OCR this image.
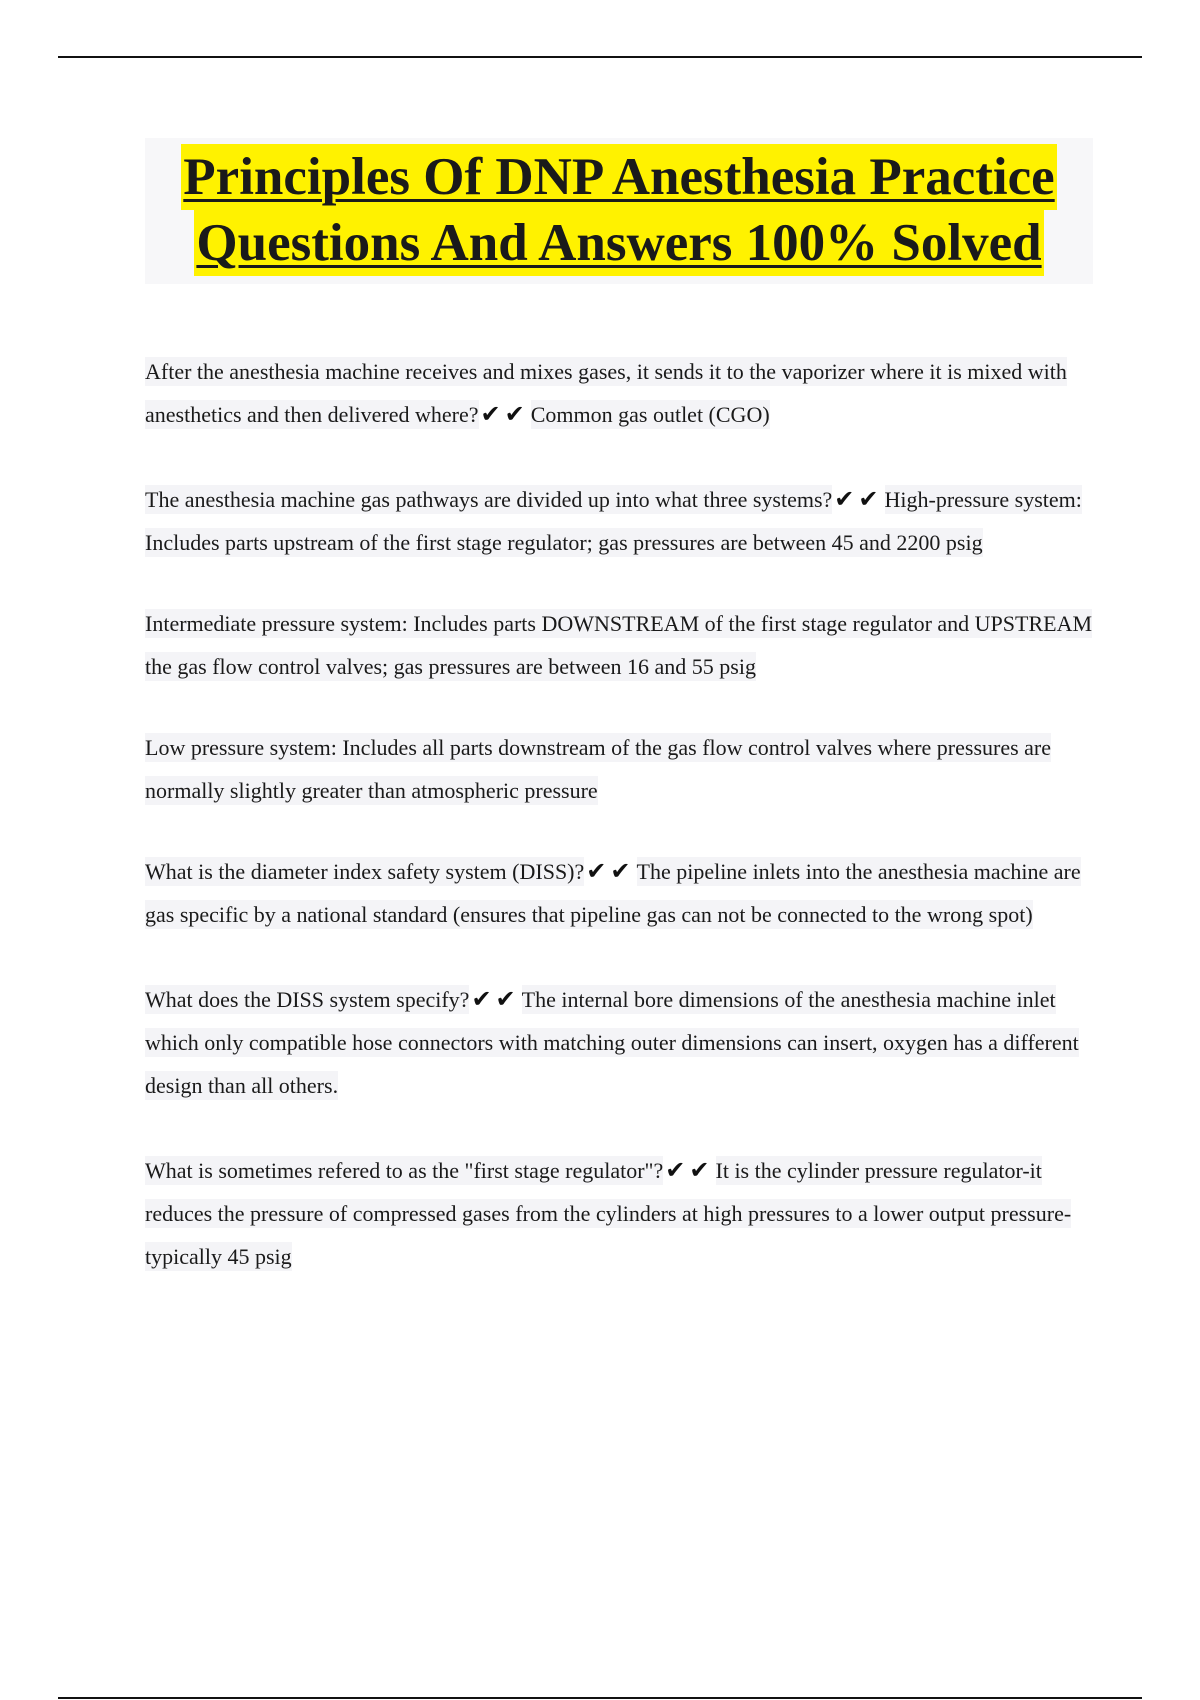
Principles Of DNP Anesthesia Practice
Questions And Answers 100% Solved

After the anesthesia machine receives and mixes gases, it sends it to the vaporizer where it is mixed with anesthetics and then delivered where?✔✔Common gas outlet (CGO)

The anesthesia machine gas pathways are divided up into what three systems?✔✔High-pressure system: Includes parts upstream of the first stage regulator; gas pressures are between 45 and 2200 psig

Intermediate pressure system: Includes parts DOWNSTREAM of the first stage regulator and UPSTREAM the gas flow control valves; gas pressures are between 16 and 55 psig

Low pressure system: Includes all parts downstream of the gas flow control valves where pressures are normally slightly greater than atmospheric pressure

What is the diameter index safety system (DISS)?✔✔The pipeline inlets into the anesthesia machine are gas specific by a national standard (ensures that pipeline gas can not be connected to the wrong spot)

What does the DISS system specify?✔✔The internal bore dimensions of the anesthesia machine inlet which only compatible hose connectors with matching outer dimensions can insert, oxygen has a different design than all others.

What is sometimes refered to as the "first stage regulator"?✔✔It is the cylinder pressure regulator-it reduces the pressure of compressed gases from the cylinders at high pressures to a lower output pressure-typically 45 psig
